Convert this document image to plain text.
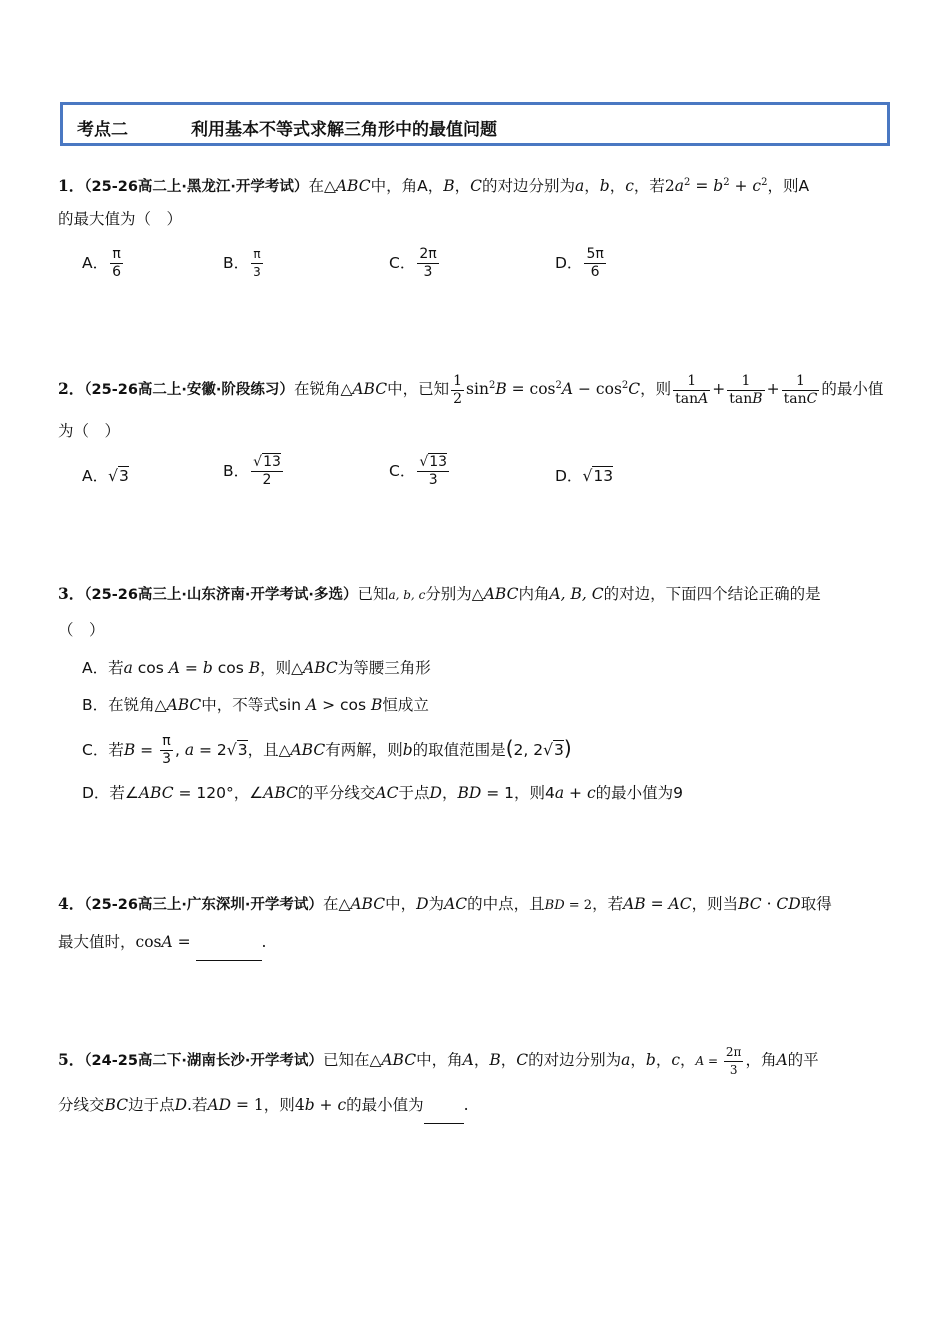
考点二	利用基本不等式求解三角形中的最值问题
1．（25-26高二上·黑龙江·开学考试）在△ABC中，角A，B，C的对边分别为a，b，c，若$2a^2 = b^2 + c^2$，则A
的最大值为（　）
A． $\frac{\pi}{6}$	B． $\frac{\pi}{3}$	C． $\frac{2\pi}{3}$	D． $\frac{5\pi}{6}$
2．（25-26高二上·安徽·阶段练习）在锐角△ABC中，已知 $\frac{1}{2} \sin^2B = \cos^2A - \cos^2C$，则 $\frac{1}{\tan A} + \frac{1}{\tan B} + \frac{1}{\tan C}$ 的最小值
为（　）
A．√3	B． $\frac{√13}{2}$	C． $\frac{√13}{3}$	D．√13
3．（25-26高三上·山东济南·开学考试·多选）已知a, b, c分别为△ABC内角A, B, C的对边，下面四个结论正确的是
（　）
A．若a cos A = b cos B，则△ABC为等腰三角形
B．在锐角△ABC中，不等式sin A > cos B恒成立
C．若$B = \frac{\pi}{3}$ , a = 2√3，且△ABC有两解，则b的取值范围是(2, 2√3)
D．若∠ABC = 120°，∠ABC的平分线交AC于点D，BD = 1，则4a + c的最小值为9
4．（25-26高三上·广东深圳·开学考试）在△ABC中，D为AC的中点，且BD = 2，若AB = AC，则当BC · CD取得
最大值时，cosA =	.
5．（24-25高二下·湖南长沙·开学考试）已知在△ABC中，角A，B，C的对边分别为a，b，c，$A = \frac{2\pi}{3}$ ，角A的平
分线交BC边于点D.若AD = 1，则4b + c的最小值为	.
